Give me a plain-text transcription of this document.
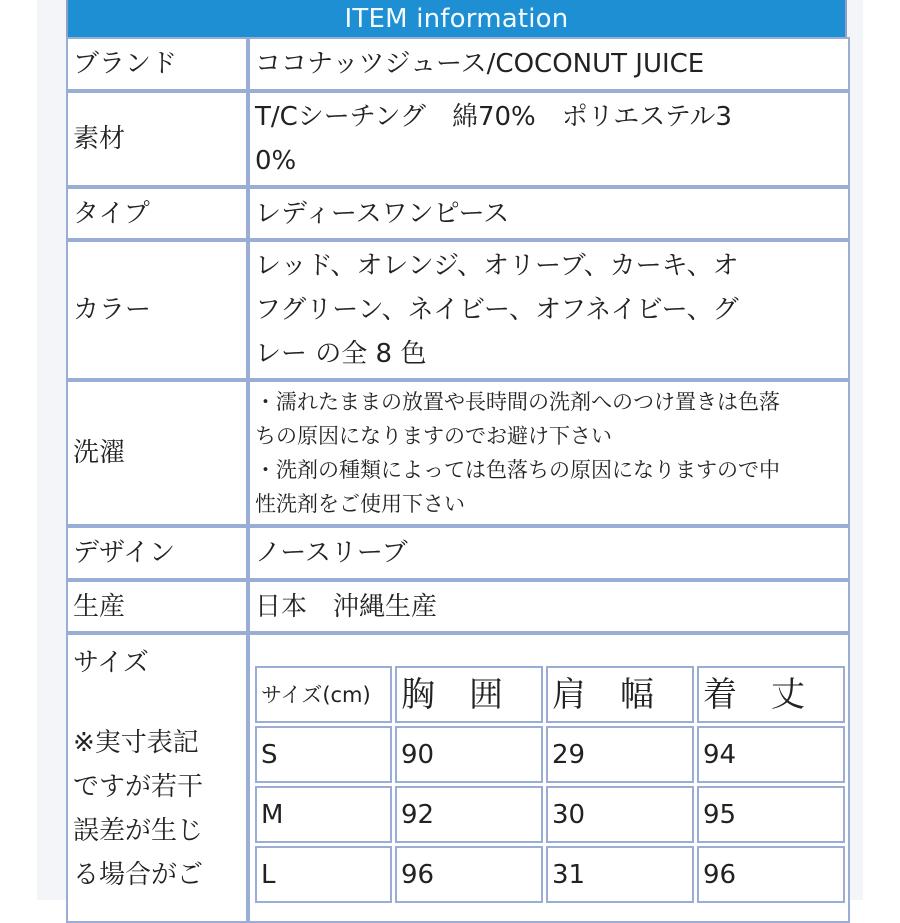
ITEM information
ブランド	ココナッツジュース/COCONUT JUICE
素材	
T/Cシーチング　綿70%　ポリエステル3
0%

タイプ	レディースワンピース
カラー	
レッド、オレンジ、オリーブ、カーキ、オ
フグリーン、ネイビー、オフネイビー、グ
レー の全 8 色

洗濯	
・濡れたままの放置や長時間の洗剤へのつけ置きは色落
ちの原因になりますのでお避け下さい
・洗剤の種類によっては色落ちの原因になりますので中
性洗剤をご使用下さい

デザイン	ノースリーブ
生産	日本　沖縄生産

サイズ
※実寸表記
ですが若干
誤差が生じ
る場合がご

サイズ(cm)	胸囲	肩幅	着丈
S	90	29	94
M	92	30	95
L	96	31	96
